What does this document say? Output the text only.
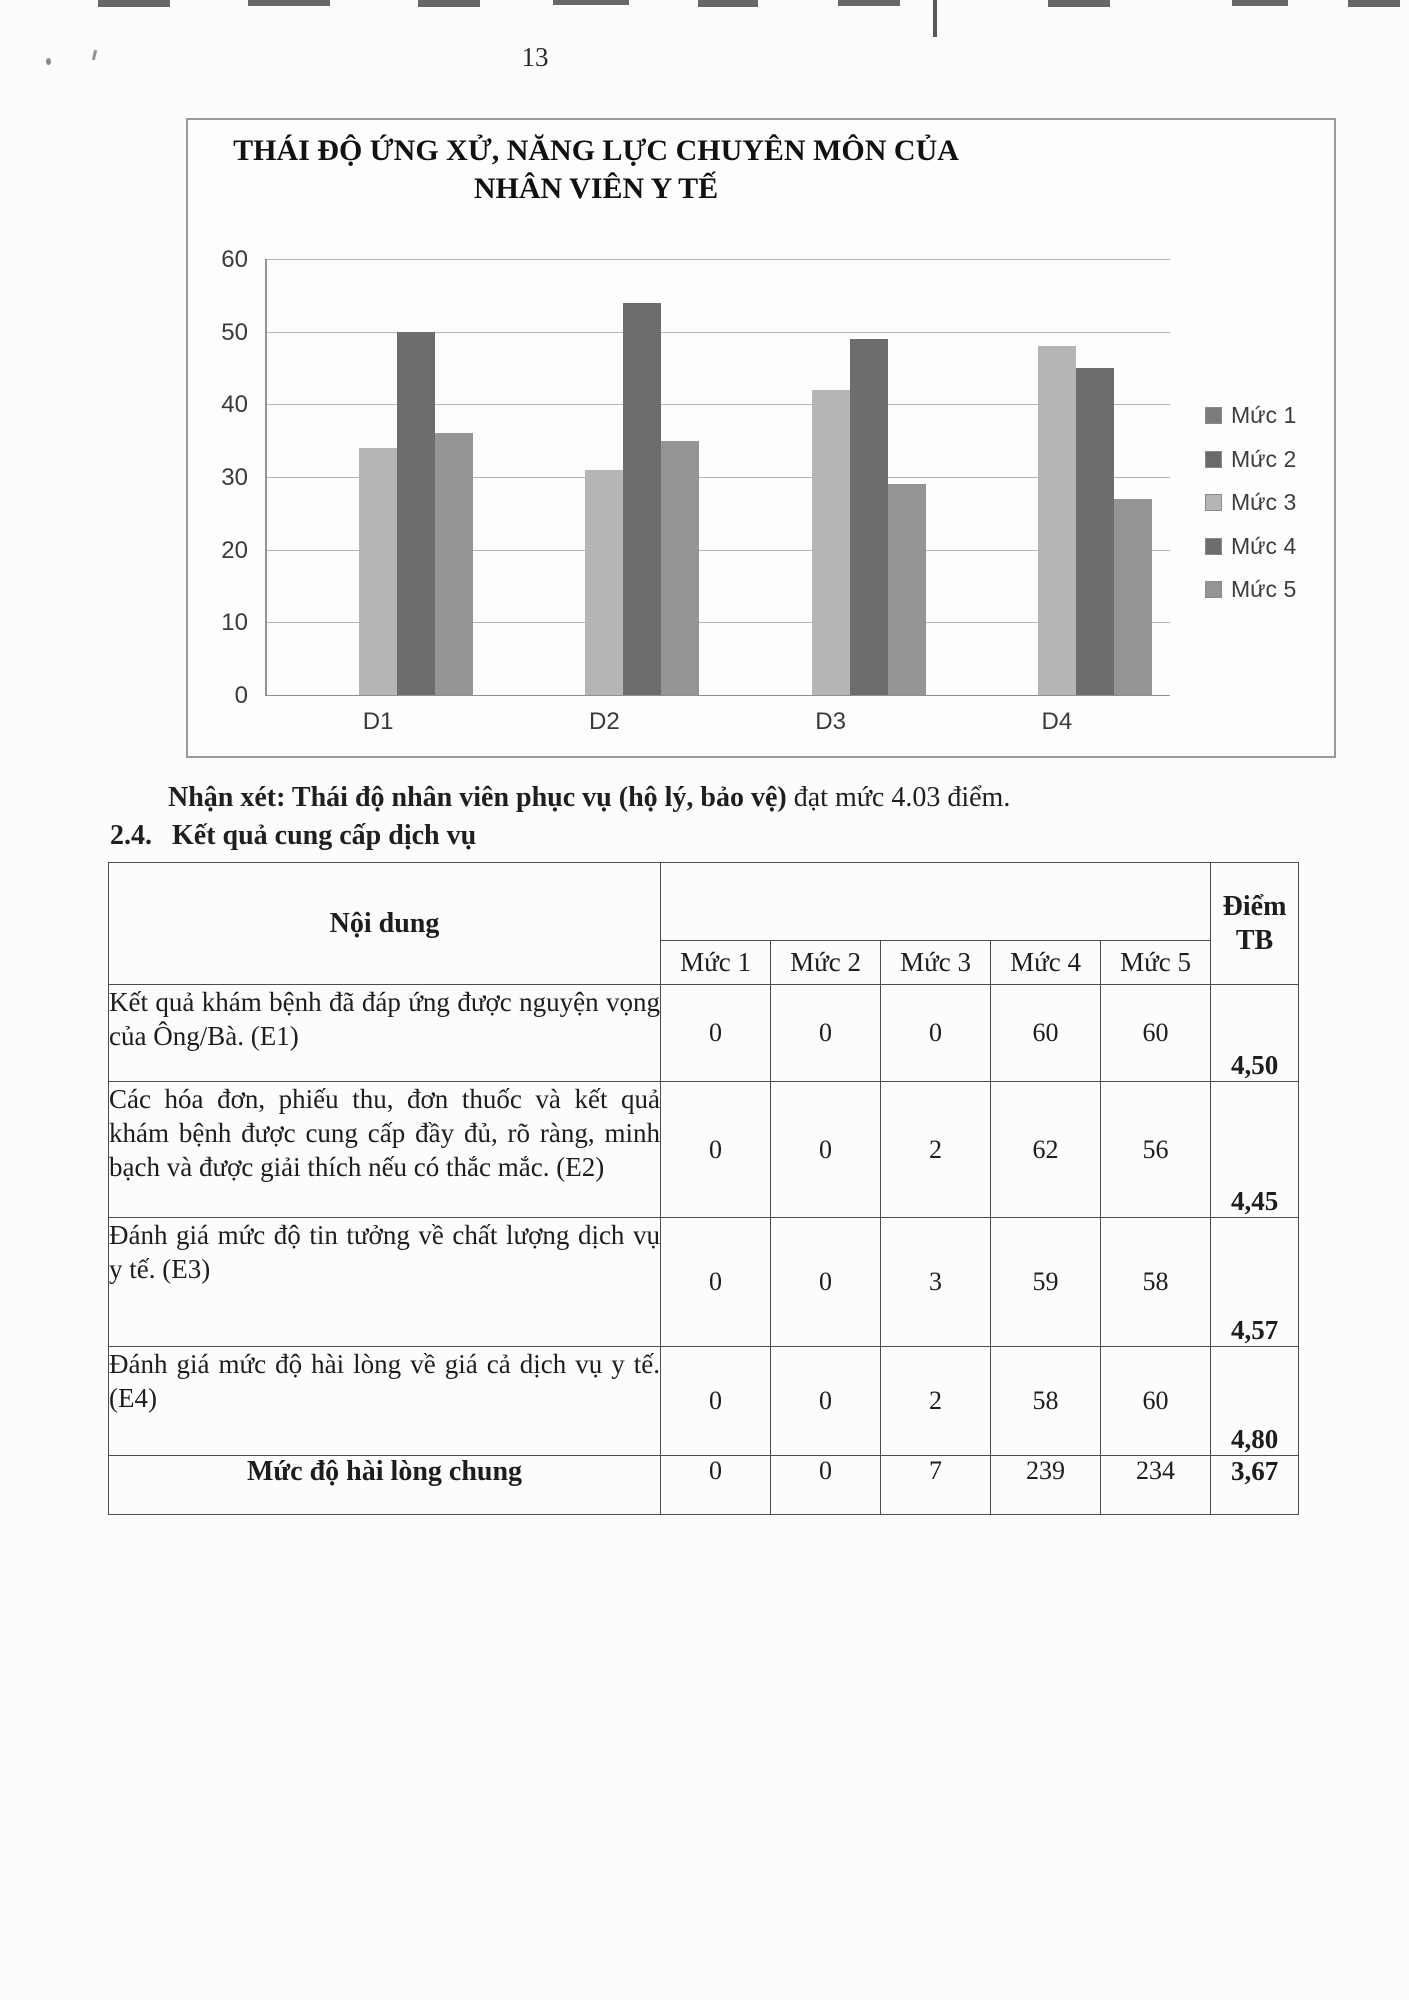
13
THÁI ĐỘ ỨNG XỬ, NĂNG LỰC CHUYÊN MÔN CỦA
NHÂN VIÊN Y TẾ
0
10
20
30
40
50
60
D1	D2	D3	D4
Mức 1
Mức 2
Mức 3
Mức 4
Mức 5
Nhận xét: Thái độ nhân viên phục vụ (hộ lý, bảo vệ) đạt mức 4.03 điểm.
2.4. Kết quả cung cấp dịch vụ
Nội dung						Điểm TB
	Mức 1	Mức 2	Mức 3	Mức 4	Mức 5	
Kết quả khám bệnh đã đáp ứng được nguyện vọng của Ông/Bà. (E1)	0	0	0	60	60	4,50
Các hóa đơn, phiếu thu, đơn thuốc và kết quả khám bệnh được cung cấp đầy đủ, rõ ràng, minh bạch và được giải thích nếu có thắc mắc. (E2)	0	0	2	62	56	4,45
Đánh giá mức độ tin tưởng về chất lượng dịch vụ y tế. (E3)	0	0	3	59	58	4,57
Đánh giá mức độ hài lòng về giá cả dịch vụ y tế. (E4)	0	0	2	58	60	4,80
Mức độ hài lòng chung	0	0	7	239	234	3,67
